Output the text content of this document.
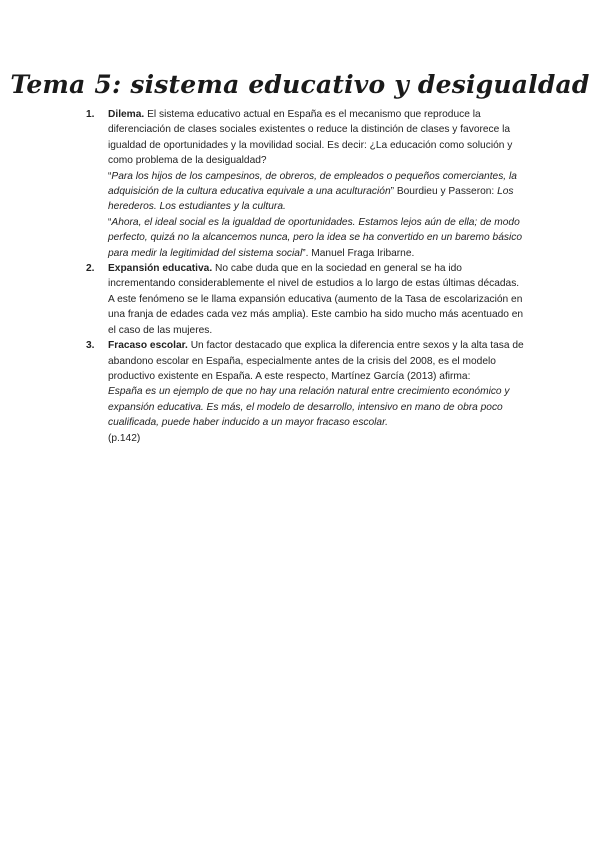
Tema 5: sistema educativo y desigualdad
1. Dilema. El sistema educativo actual en España es el mecanismo que reproduce la diferenciación de clases sociales existentes o reduce la distinción de clases y favorece la igualdad de oportunidades y la movilidad social. Es decir: ¿La educación como solución y como problema de la desigualdad?

“Para los hijos de los campesinos, de obreros, de empleados o pequeños comerciantes, la adquisición de la cultura educativa equivale a una aculturación” Bourdieu y Passeron: Los herederos. Los estudiantes y la cultura.

“Ahora, el ideal social es la igualdad de oportunidades. Estamos lejos aún de ella; de modo perfecto, quizá no la alcancemos nunca, pero la idea se ha convertido en un baremo básico para medir la legitimidad del sistema social”. Manuel Fraga Iribarne.

2. Expansión educativa. No cabe duda que en la sociedad en general se ha ido incrementando considerablemente el nivel de estudios a lo largo de estas últimas décadas. A este fenómeno se le llama expansión educativa (aumento de la Tasa de escolarización en una franja de edades cada vez más amplia). Este cambio ha sido mucho más acentuado en el caso de las mujeres.

3. Fracaso escolar. Un factor destacado que explica la diferencia entre sexos y la alta tasa de abandono escolar en España, especialmente antes de la crisis del 2008, es el modelo productivo existente en España. A este respecto, Martínez García (2013) afirma:

España es un ejemplo de que no hay una relación natural entre crecimiento económico y expansión educativa. Es más, el modelo de desarrollo, intensivo en mano de obra poco cualificada, puede haber inducido a un mayor fracaso escolar.

(p.142)
